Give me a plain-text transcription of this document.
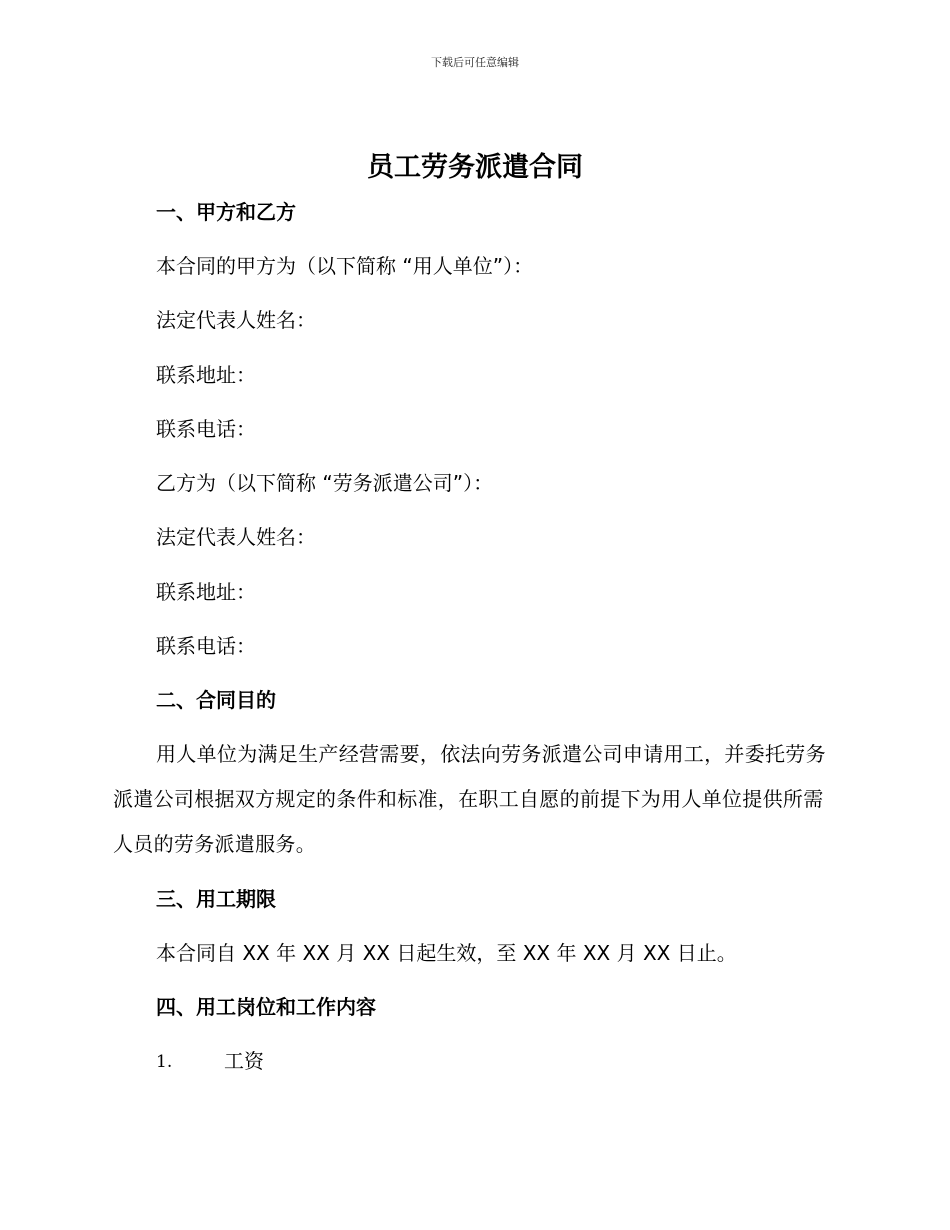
下载后可任意编辑
员工劳务派遣合同
一、甲方和乙方
本合同的甲方为（以下简称 “用人单位”）：
法定代表人姓名：
联系地址：
联系电话：
乙方为（以下简称 “劳务派遣公司”）：
法定代表人姓名：
联系地址：
联系电话：
二、合同目的
用人单位为满足生产经营需要，依法向劳务派遣公司申请用工，并委托劳务派遣公司根据双方规定的条件和标准，在职工自愿的前提下为用人单位提供所需人员的劳务派遣服务。
三、用工期限
本合同自 XX 年 XX 月 XX 日起生效，至 XX 年 XX 月 XX 日止。
四、用工岗位和工作内容
1.	工资
